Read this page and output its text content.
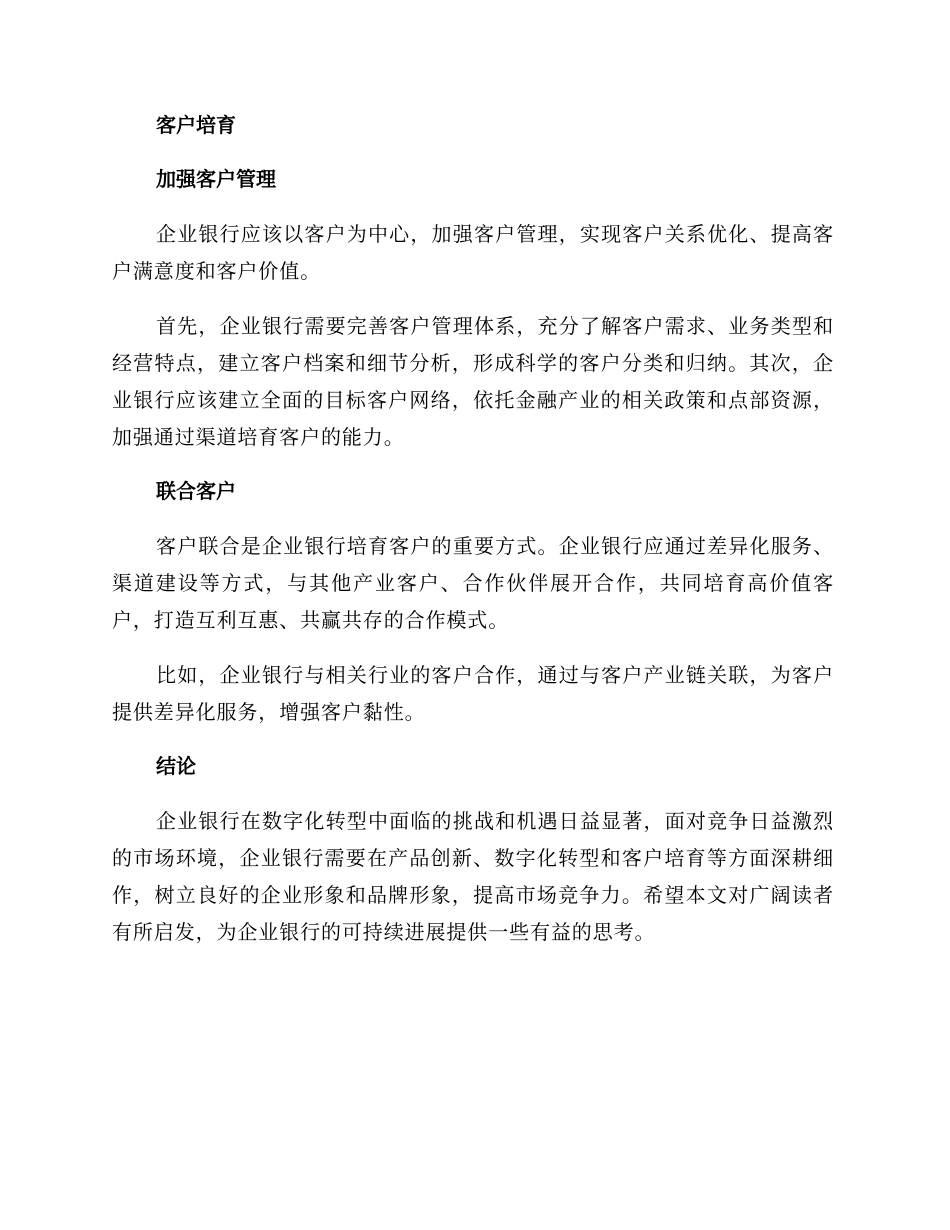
客户培育
加强客户管理

企业银行应该以客户为中心，加强客户管理，实现客户关系优化、提高客户满意度和客户价值。

首先，企业银行需要完善客户管理体系，充分了解客户需求、业务类型和经营特点，建立客户档案和细节分析，形成科学的客户分类和归纳。其次，企业银行应该建立全面的目标客户网络，依托金融产业的相关政策和点部资源，加强通过渠道培育客户的能力。

联合客户

客户联合是企业银行培育客户的重要方式。企业银行应通过差异化服务、渠道建设等方式，与其他产业客户、合作伙伴展开合作，共同培育高价值客户，打造互利互惠、共赢共存的合作模式。

比如，企业银行与相关行业的客户合作，通过与客户产业链关联，为客户提供差异化服务，增强客户黏性。

结论

企业银行在数字化转型中面临的挑战和机遇日益显著，面对竞争日益激烈的市场环境，企业银行需要在产品创新、数字化转型和客户培育等方面深耕细作，树立良好的企业形象和品牌形象，提高市场竞争力。希望本文对广阔读者有所启发，为企业银行的可持续进展提供一些有益的思考。
